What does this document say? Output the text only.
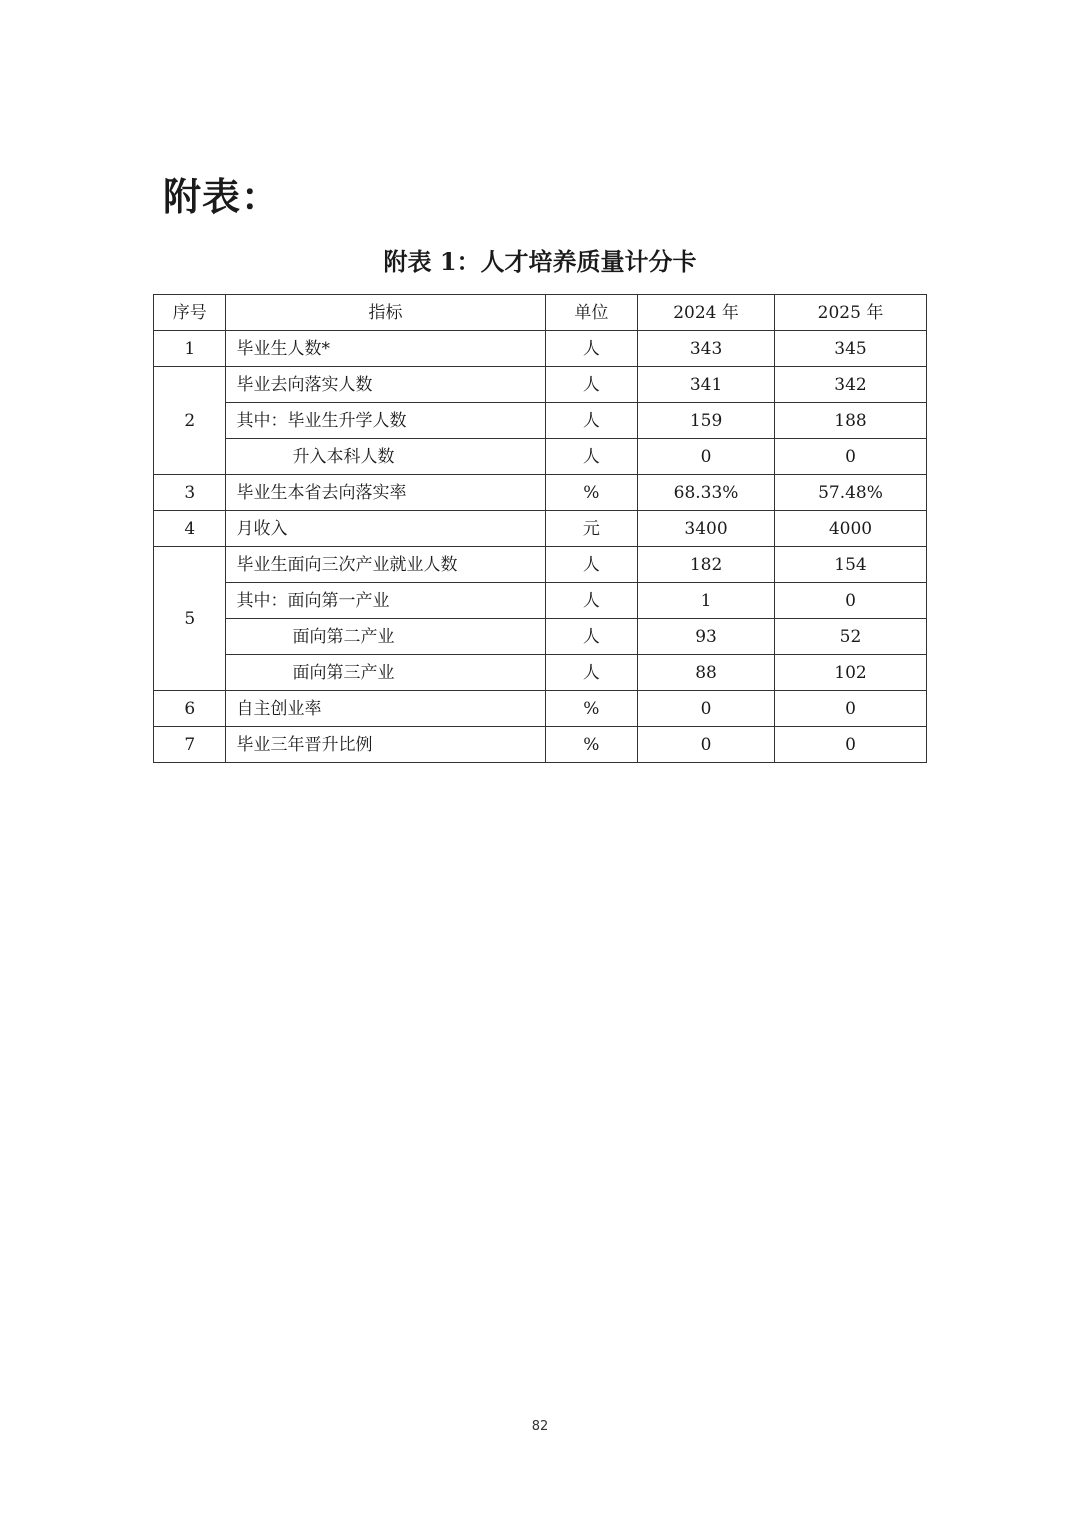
附表：
附表 1：人才培养质量计分卡
序号	指标	单位	2024 年	2025 年
1	毕业生人数*	人	343	345
2	毕业去向落实人数	人	341	342
	其中：毕业生升学人数	人	159	188
	升入本科人数	人	0	0
3	毕业生本省去向落实率	%	68.33%	57.48%
4	月收入	元	3400	4000
5	毕业生面向三次产业就业人数	人	182	154
	其中：面向第一产业	人	1	0
	面向第二产业	人	93	52
	面向第三产业	人	88	102
6	自主创业率	%	0	0
7	毕业三年晋升比例	%	0	0
82
